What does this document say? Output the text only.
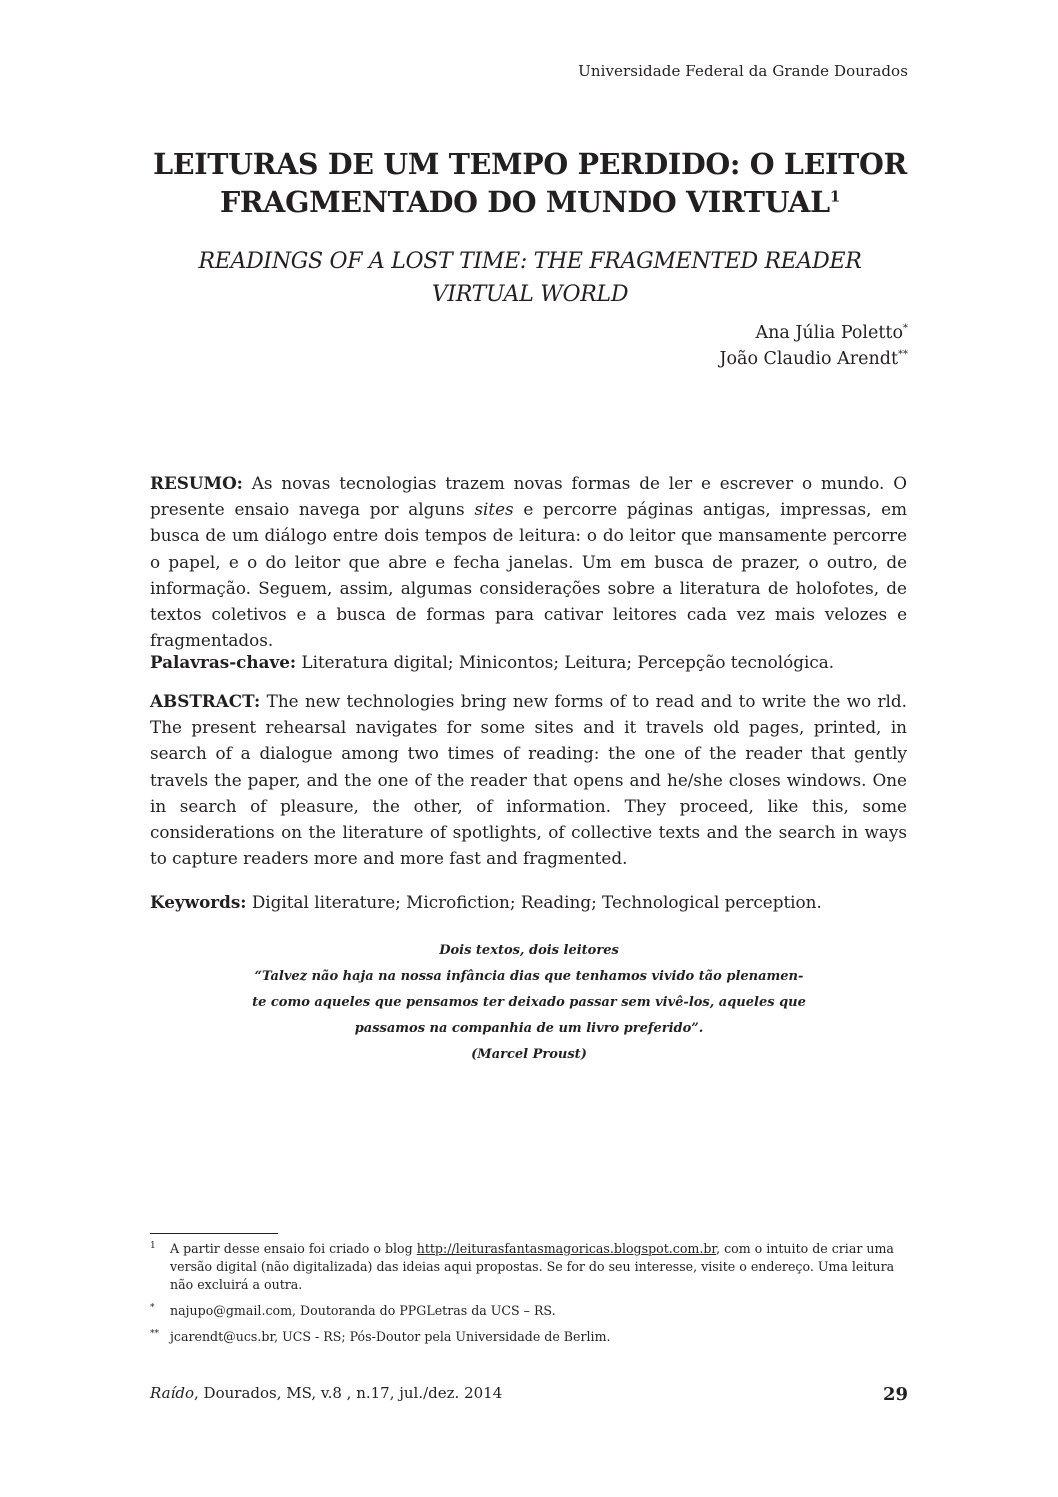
Universidade Federal da Grande Dourados
LEITURAS DE UM TEMPO PERDIDO: O LEITOR
FRAGMENTADO DO MUNDO VIRTUAL$^1$
READINGS OF A LOST TIME: THE FRAGMENTED READER
VIRTUAL WORLD
Ana Júlia Poletto*
João Claudio Arendt**
RESUMO: As novas tecnologias trazem novas formas de ler e escrever o mundo. O presente ensaio navega por alguns sites e percorre páginas antigas, impressas, em busca de um diálogo entre dois tempos de leitura: o do leitor que mansamente percorre o papel, e o do leitor que abre e fecha janelas. Um em busca de prazer, o outro, de informação. Seguem, assim, algumas considerações sobre a literatura de holofotes, de textos coletivos e a busca de formas para cativar leitores cada vez mais velozes e fragmentados.
Palavras-chave: Literatura digital; Minicontos; Leitura; Percepção tecnológica.
ABSTRACT: The new technologies bring new forms of to read and to write the wo rld. The present rehearsal navigates for some sites and it travels old pages, printed, in search of a dialogue among two times of reading: the one of the reader that gently travels the paper, and the one of the reader that opens and he/she closes windows. One in search of pleasure, the other, of information. They proceed, like this, some considerations on the literature of spotlights, of collective texts and the search in ways to capture readers more and more fast and fragmented.
Keywords: Digital literature; Microfiction; Reading; Technological perception.
Dois textos, dois leitores
“Talvez não haja na nossa infância dias que tenhamos vivido tão plenamen-
te como aqueles que pensamos ter deixado passar sem vivê-los, aqueles que
passamos na companhia de um livro preferido”.
(Marcel Proust)
1 A partir desse ensaio foi criado o blog http://leiturasfantasmagoricas.blogspot.com.br, com o intuito de criar uma versão digital (não digitalizada) das ideias aqui propostas. Se for do seu interesse, visite o endereço. Uma leitura não excluirá a outra.
* najupo@gmail.com, Doutoranda do PPGLetras da UCS – RS.
** jcarendt@ucs.br, UCS - RS; Pós-Doutor pela Universidade de Berlim.
Raído, Dourados, MS, v.8 , n.17, jul./dez. 2014	29
